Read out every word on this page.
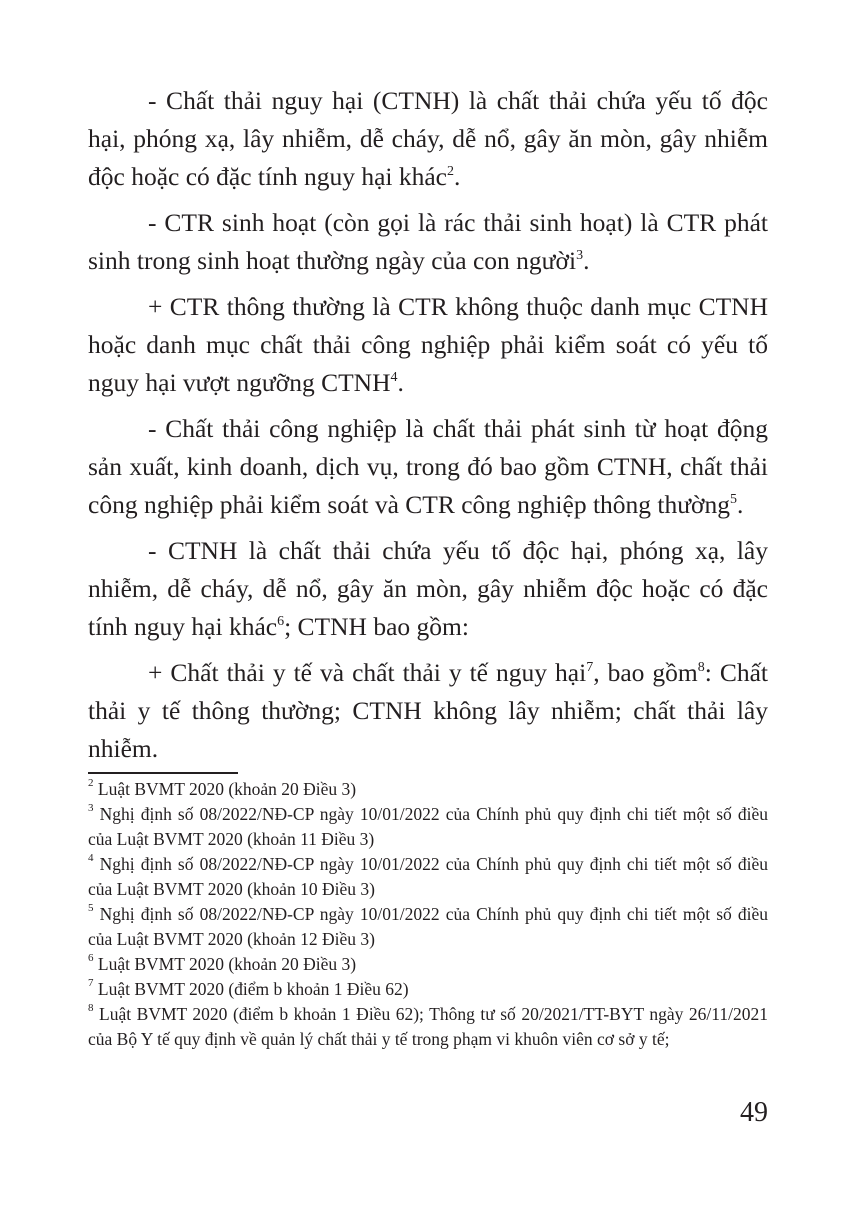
- Chất thải nguy hại (CTNH) là chất thải chứa yếu tố độc hại, phóng xạ, lây nhiễm, dễ cháy, dễ nổ, gây ăn mòn, gây nhiễm độc hoặc có đặc tính nguy hại khác$^2$.

- CTR sinh hoạt (còn gọi là rác thải sinh hoạt) là CTR phát sinh trong sinh hoạt thường ngày của con người$^3$.

+ CTR thông thường là CTR không thuộc danh mục CTNH hoặc danh mục chất thải công nghiệp phải kiểm soát có yếu tố nguy hại vượt ngưỡng CTNH$^4$.

- Chất thải công nghiệp là chất thải phát sinh từ hoạt động sản xuất, kinh doanh, dịch vụ, trong đó bao gồm CTNH, chất thải công nghiệp phải kiểm soát và CTR công nghiệp thông thường$^5$.

- CTNH là chất thải chứa yếu tố độc hại, phóng xạ, lây nhiễm, dễ cháy, dễ nổ, gây ăn mòn, gây nhiễm độc hoặc có đặc tính nguy hại khác$^6$; CTNH bao gồm:

+ Chất thải y tế và chất thải y tế nguy hại$^7$, bao gồm$^8$: Chất thải y tế thông thường; CTNH không lây nhiễm; chất thải lây nhiễm.

$^2$ Luật BVMT 2020 (khoản 20 Điều 3)

$^3$ Nghị định số 08/2022/NĐ-CP ngày 10/01/2022 của Chính phủ quy định chi tiết một số điều của Luật BVMT 2020 (khoản 11 Điều 3)

$^4$ Nghị định số 08/2022/NĐ-CP ngày 10/01/2022 của Chính phủ quy định chi tiết một số điều của Luật BVMT 2020 (khoản 10 Điều 3)

$^5$ Nghị định số 08/2022/NĐ-CP ngày 10/01/2022 của Chính phủ quy định chi tiết một số điều của Luật BVMT 2020 (khoản 12 Điều 3)

$^6$ Luật BVMT 2020 (khoản 20 Điều 3)

$^7$ Luật BVMT 2020 (điểm b khoản 1 Điều 62)

$^8$ Luật BVMT 2020 (điểm b khoản 1 Điều 62); Thông tư số 20/2021/TT-BYT ngày 26/11/2021 của Bộ Y tế quy định về quản lý chất thải y tế trong phạm vi khuôn viên cơ sở y tế;

49
